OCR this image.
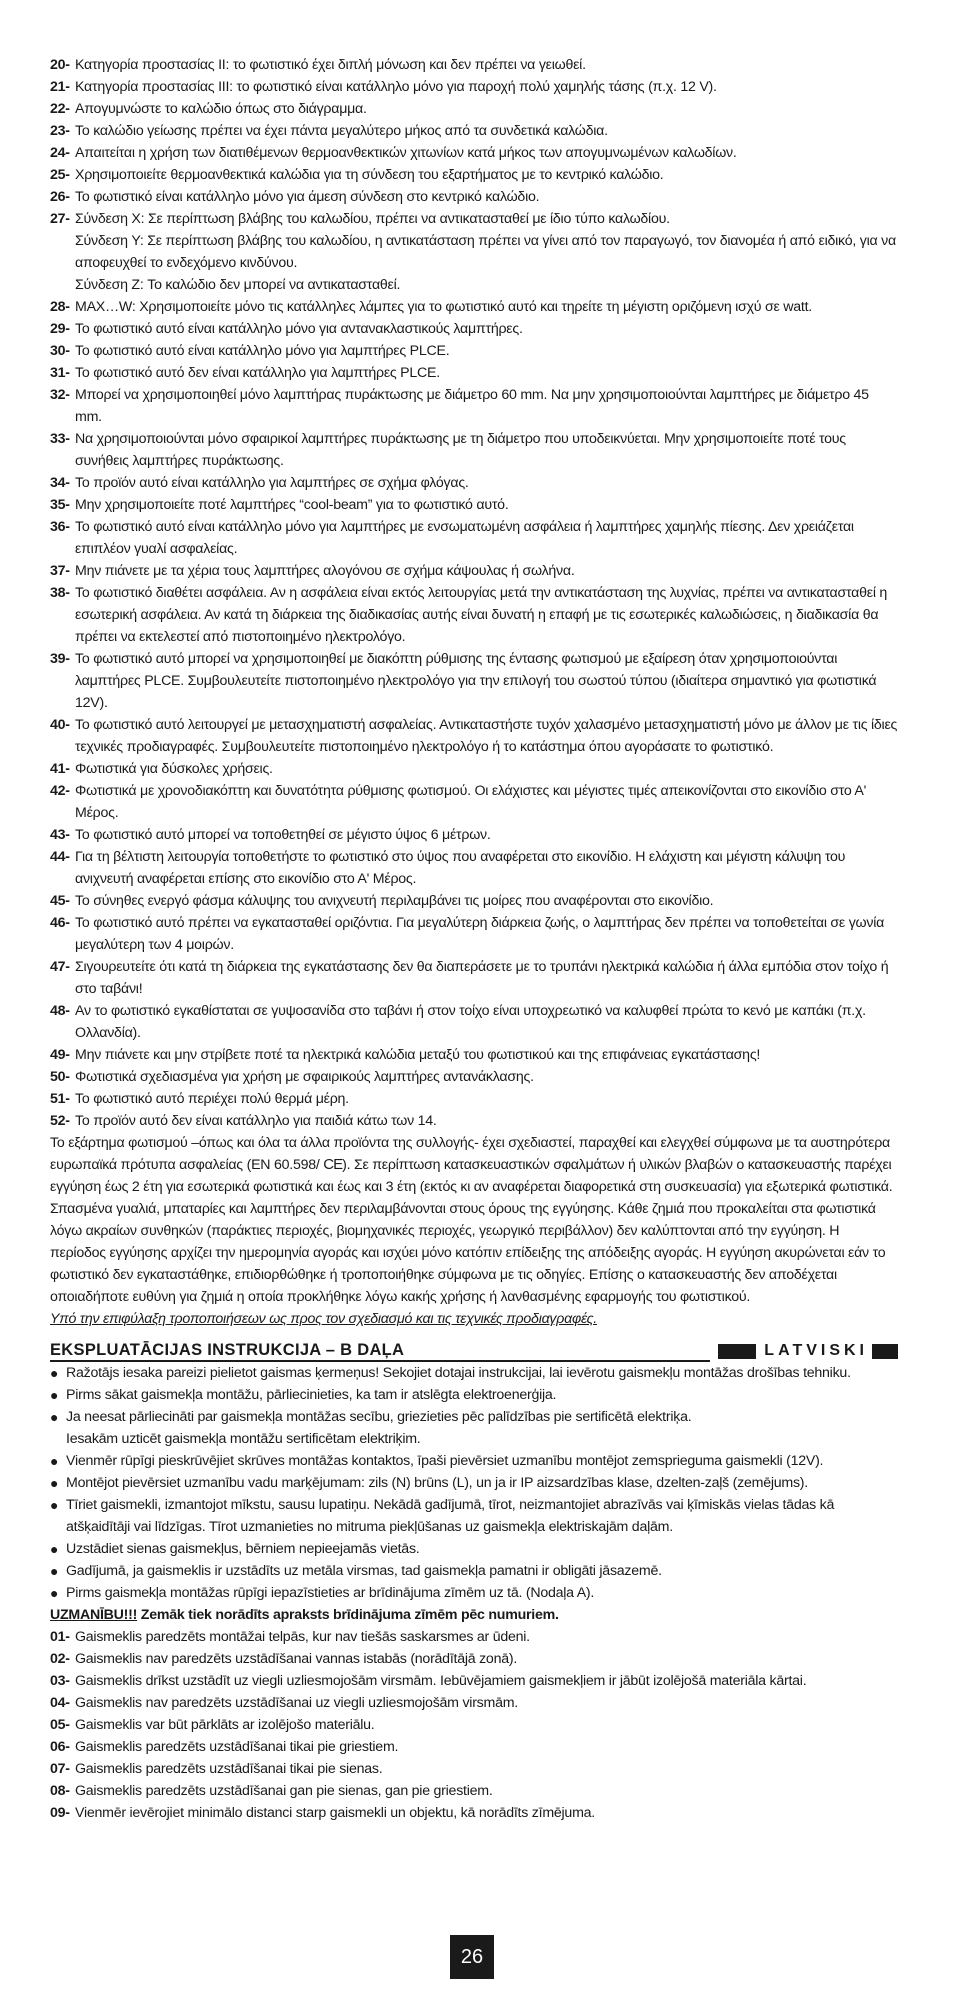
20- Κατηγορία προστασίας II: το φωτιστικό έχει διπλή μόνωση και δεν πρέπει να γειωθεί.
21- Κατηγορία προστασίας III: το φωτιστικό είναι κατάλληλο μόνο για παροχή πολύ χαμηλής τάσης (π.χ. 12 V).
22- Απογυμνώστε το καλώδιο όπως στο διάγραμμα.
23- Το καλώδιο γείωσης πρέπει να έχει πάντα μεγαλύτερο μήκος από τα συνδετικά καλώδια.
24- Απαιτείται η χρήση των διατιθέμενων θερμοανθεκτικών χιτωνίων κατά μήκος των απογυμνωμένων καλωδίων.
25- Χρησιμοποιείτε θερμοανθεκτικά καλώδια για τη σύνδεση του εξαρτήματος με το κεντρικό καλώδιο.
26- Το φωτιστικό είναι κατάλληλο μόνο για άμεση σύνδεση στο κεντρικό καλώδιο.
27- Σύνδεση X: Σε περίπτωση βλάβης του καλωδίου, πρέπει να αντικατασταθεί με ίδιο τύπο καλωδίου.
Σύνδεση Y: Σε περίπτωση βλάβης του καλωδίου, η αντικατάσταση πρέπει να γίνει από τον παραγωγό, τον διανομέα ή από ειδικό, για να αποφευχθεί το ενδεχόμενο κινδύνου.
Σύνδεση Z: Το καλώδιο δεν μπορεί να αντικατασταθεί.
28- MAX…W: Χρησιμοποιείτε μόνο τις κατάλληλες λάμπες για το φωτιστικό αυτό και τηρείτε τη μέγιστη οριζόμενη ισχύ σε watt.
29- Το φωτιστικό αυτό είναι κατάλληλο μόνο για αντανακλαστικούς λαμπτήρες.
30- Το φωτιστικό αυτό είναι κατάλληλο μόνο για λαμπτήρες PLCE.
31- Το φωτιστικό αυτό δεν είναι κατάλληλο για λαμπτήρες PLCE.
32- Μπορεί να χρησιμοποιηθεί μόνο λαμπτήρας πυράκτωσης με διάμετρο 60 mm. Να μην χρησιμοποιούνται λαμπτήρες με διάμετρο 45 mm.
33- Να χρησιμοποιούνται μόνο σφαιρικοί λαμπτήρες πυράκτωσης με τη διάμετρο που υποδεικνύεται. Μην χρησιμοποιείτε ποτέ τους συνήθεις λαμπτήρες πυράκτωσης.
34- Το προϊόν αυτό είναι κατάλληλο για λαμπτήρες σε σχήμα φλόγας.
35- Μην χρησιμοποιείτε ποτέ λαμπτήρες “cool-beam” για το φωτιστικό αυτό.
36- Το φωτιστικό αυτό είναι κατάλληλο μόνο για λαμπτήρες με ενσωματωμένη ασφάλεια ή λαμπτήρες χαμηλής πίεσης. Δεν χρειάζεται επιπλέον γυαλί ασφαλείας.
37- Μην πιάνετε με τα χέρια τους λαμπτήρες αλογόνου σε σχήμα κάψουλας ή σωλήνα.
38- Το φωτιστικό διαθέτει ασφάλεια. Αν η ασφάλεια είναι εκτός λειτουργίας μετά την αντικατάσταση της λυχνίας, πρέπει να αντικατασταθεί η εσωτερική ασφάλεια. Αν κατά τη διάρκεια της διαδικασίας αυτής είναι δυνατή η επαφή με τις εσωτερικές καλωδιώσεις, η διαδικασία θα πρέπει να εκτελεστεί από πιστοποιημένο ηλεκτρολόγο.
39- Το φωτιστικό αυτό μπορεί να χρησιμοποιηθεί με διακόπτη ρύθμισης της έντασης φωτισμού με εξαίρεση όταν χρησιμοποιούνται λαμπτήρες PLCE. Συμβουλευτείτε πιστοποιημένο ηλεκτρολόγο για την επιλογή του σωστού τύπου (ιδιαίτερα σημαντικό για φωτιστικά 12V).
40- Το φωτιστικό αυτό λειτουργεί με μετασχηματιστή ασφαλείας. Αντικαταστήστε τυχόν χαλασμένο μετασχηματιστή μόνο με άλλον με τις ίδιες τεχνικές προδιαγραφές. Συμβουλευτείτε πιστοποιημένο ηλεκτρολόγο ή το κατάστημα όπου αγοράσατε το φωτιστικό.
41- Φωτιστικά για δύσκολες χρήσεις.
42- Φωτιστικά με χρονοδιακόπτη και δυνατότητα ρύθμισης φωτισμού. Οι ελάχιστες και μέγιστες τιμές απεικονίζονται στο εικονίδιο στο Α' Μέρος.
43- Το φωτιστικό αυτό μπορεί να τοποθετηθεί σε μέγιστο ύψος 6 μέτρων.
44- Για τη βέλτιστη λειτουργία τοποθετήστε το φωτιστικό στο ύψος που αναφέρεται στο εικονίδιο. Η ελάχιστη και μέγιστη κάλυψη του ανιχνευτή αναφέρεται επίσης στο εικονίδιο στο Α' Μέρος.
45- Το σύνηθες ενεργό φάσμα κάλυψης του ανιχνευτή περιλαμβάνει τις μοίρες που αναφέρονται στο εικονίδιο.
46- Το φωτιστικό αυτό πρέπει να εγκατασταθεί οριζόντια. Για μεγαλύτερη διάρκεια ζωής, ο λαμπτήρας δεν πρέπει να τοποθετείται σε γωνία μεγαλύτερη των 4 μοιρών.
47- Σιγουρευτείτε ότι κατά τη διάρκεια της εγκατάστασης δεν θα διαπεράσετε με το τρυπάνι ηλεκτρικά καλώδια ή άλλα εμπόδια στον τοίχο ή στο ταβάνι!
48- Αν το φωτιστικό εγκαθίσταται σε γυψοσανίδα στο ταβάνι ή στον τοίχο είναι υποχρεωτικό να καλυφθεί πρώτα το κενό με καπάκι (π.χ. Ολλανδία).
49- Μην πιάνετε και μην στρίβετε ποτέ τα ηλεκτρικά καλώδια μεταξύ του φωτιστικού και της επιφάνειας εγκατάστασης!
50- Φωτιστικά σχεδιασμένα για χρήση με σφαιρικούς λαμπτήρες αντανάκλασης.
51- Το φωτιστικό αυτό περιέχει πολύ θερμά μέρη.
52- Το προϊόν αυτό δεν είναι κατάλληλο για παιδιά κάτω των 14.

Το εξάρτημα φωτισμού –όπως και όλα τα άλλα προϊόντα της συλλογής- έχει σχεδιαστεί, παραχθεί και ελεγχθεί σύμφωνα με τα αυστηρότερα ευρωπαϊκά πρότυπα ασφαλείας (EN 60.598/ CE). Σε περίπτωση κατασκευαστικών σφαλμάτων ή υλικών βλαβών ο κατασκευαστής παρέχει εγγύηση έως 2 έτη για εσωτερικά φωτιστικά και έως και 3 έτη (εκτός κι αν αναφέρεται διαφορετικά στη συσκευασία) για εξωτερικά φωτιστικά. Σπασμένα γυαλιά, μπαταρίες και λαμπτήρες δεν περιλαμβάνονται στους όρους της εγγύησης. Κάθε ζημιά που προκαλείται στα φωτιστικά λόγω ακραίων συνθηκών (παράκτιες περιοχές, βιομηχανικές περιοχές, γεωργικό περιβάλλον) δεν καλύπτονται από την εγγύηση. Η περίοδος εγγύησης αρχίζει την ημερομηνία αγοράς και ισχύει μόνο κατόπιν επίδειξης της απόδειξης αγοράς. Η εγγύηση ακυρώνεται εάν το φωτιστικό δεν εγκαταστάθηκε, επιδιορθώθηκε ή τροποποιήθηκε σύμφωνα με τις οδηγίες. Επίσης ο κατασκευαστής δεν αποδέχεται οποιαδήποτε ευθύνη για ζημιά η οποία προκλήθηκε λόγω κακής χρήσης ή λανθασμένης εφαρμογής του φωτιστικού.

Υπό την επιφύλαξη τροποποιήσεων ως προς τον σχεδιασμό και τις τεχνικές προδιαγραφές.
EKSPLUATĀCIJAS INSTRUKCIJA – B DAĻA	LATVISKI
● Ražotājs iesaka pareizi pielietot gaismas ķermeņus! Sekojiet dotajai instrukcijai, lai ievērotu gaismekļu montāžas drošības tehniku.
● Pirms sākat gaismekļa montāžu, pārliecinieties, ka tam ir atslēgta elektroenerģija.
● Ja neesat pārliecināti par gaismekļa montāžas secību, griezieties pēc palīdzības pie sertificētā elektriķa.
Iesakām uzticēt gaismekļa montāžu sertificētam elektriķim.
● Vienmēr rūpīgi pieskrūvējiet skrūves montāžas kontaktos, īpaši pievērsiet uzmanību montējot zemsprieguma gaismekli (12V).
● Montējot pievērsiet uzmanību vadu marķējumam: zils (N) brūns (L), un ja ir IP aizsardzības klase, dzelten-zaļš (zemējums).
● Tīriet gaismekli, izmantojot mīkstu, sausu lupatiņu. Nekādā gadījumā, tīrot, neizmantojiet abrazīvās vai ķīmiskās vielas tādas kā atšķaidītāji vai līdzīgas. Tīrot uzmanieties no mitruma piekļūšanas uz gaismekļa elektriskajām daļām.
● Uzstādiet sienas gaismekļus, bērniem nepieejamās vietās.
● Gadījumā, ja gaismeklis ir uzstādīts uz metāla virsmas, tad gaismekļa pamatni ir obligāti jāsazemē.
● Pirms gaismekļa montāžas rūpīgi iepazīstieties ar brīdinājuma zīmēm uz tā. (Nodaļa A).
UZMANĪBU!!! Zemāk tiek norādīts apraksts brīdinājuma zīmēm pēc numuriem.
01- Gaismeklis paredzēts montāžai telpās, kur nav tiešās saskarsmes ar ūdeni.
02- Gaismeklis nav paredzēts uzstādīšanai vannas istabās (norādītājā zonā).
03- Gaismeklis drīkst uzstādīt uz viegli uzliesmojošām virsmām. Iebūvējamiem gaismekļiem ir jābūt izolējošā materiāla kārtai.
04- Gaismeklis nav paredzēts uzstādīšanai uz viegli uzliesmojošām virsmām.
05- Gaismeklis var būt pārklāts ar izolējošo materiālu.
06- Gaismeklis paredzēts uzstādīšanai tikai pie griestiem.
07- Gaismeklis paredzēts uzstādīšanai tikai pie sienas.
08- Gaismeklis paredzēts uzstādīšanai gan pie sienas, gan pie griestiem.
09- Vienmēr ievērojiet minimālo distanci starp gaismekli un objektu, kā norādīts zīmējuma.
26
